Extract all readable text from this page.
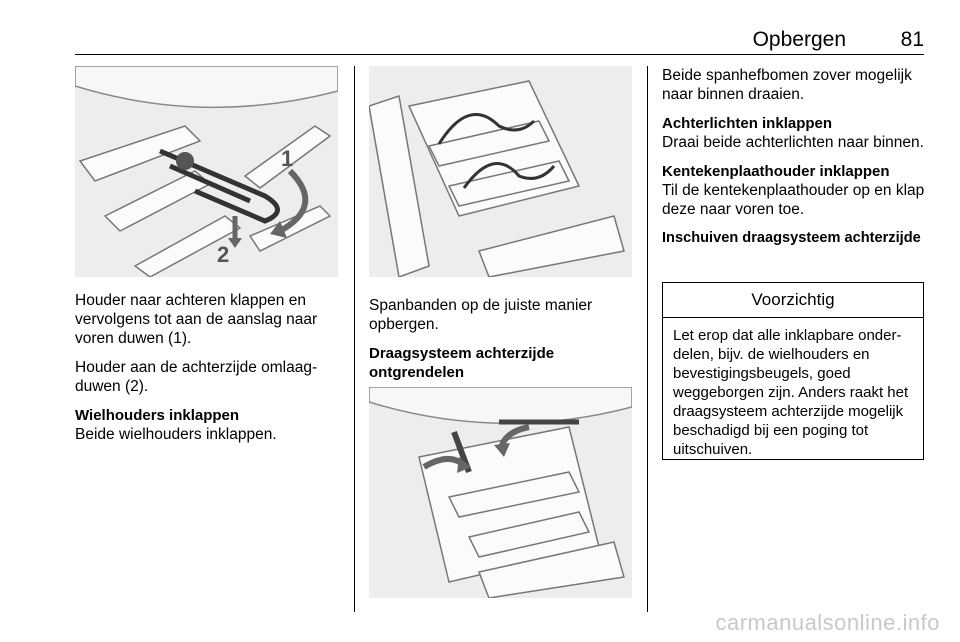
Opbergen	81
1
2

Houder naar achteren klappen en vervolgens tot aan de aanslag naar voren duwen (1).

Houder aan de achterzijde omlaag-duwen (2).

Wielhouders inklappen

Beide wielhouders inklappen.

Spanbanden op de juiste manier opbergen.

Draagsysteem achterzijde ontgrendelen

Beide spanhefbomen zover mogelijk naar binnen draaien.

Achterlichten inklappen

Draai beide achterlichten naar binnen.

Kentekenplaathouder inklappen

Til de kentekenplaathouder op en klap deze naar voren toe.

Inschuiven draagsysteem achterzijde
Voorzichtig
Let erop dat alle inklapbare onder-delen, bijv. de wielhouders en bevestigingsbeugels, goed weggeborgen zijn. Anders raakt het draagsysteem achterzijde mogelijk beschadigd bij een poging tot uitschuiven.
carmanualsonline.info
